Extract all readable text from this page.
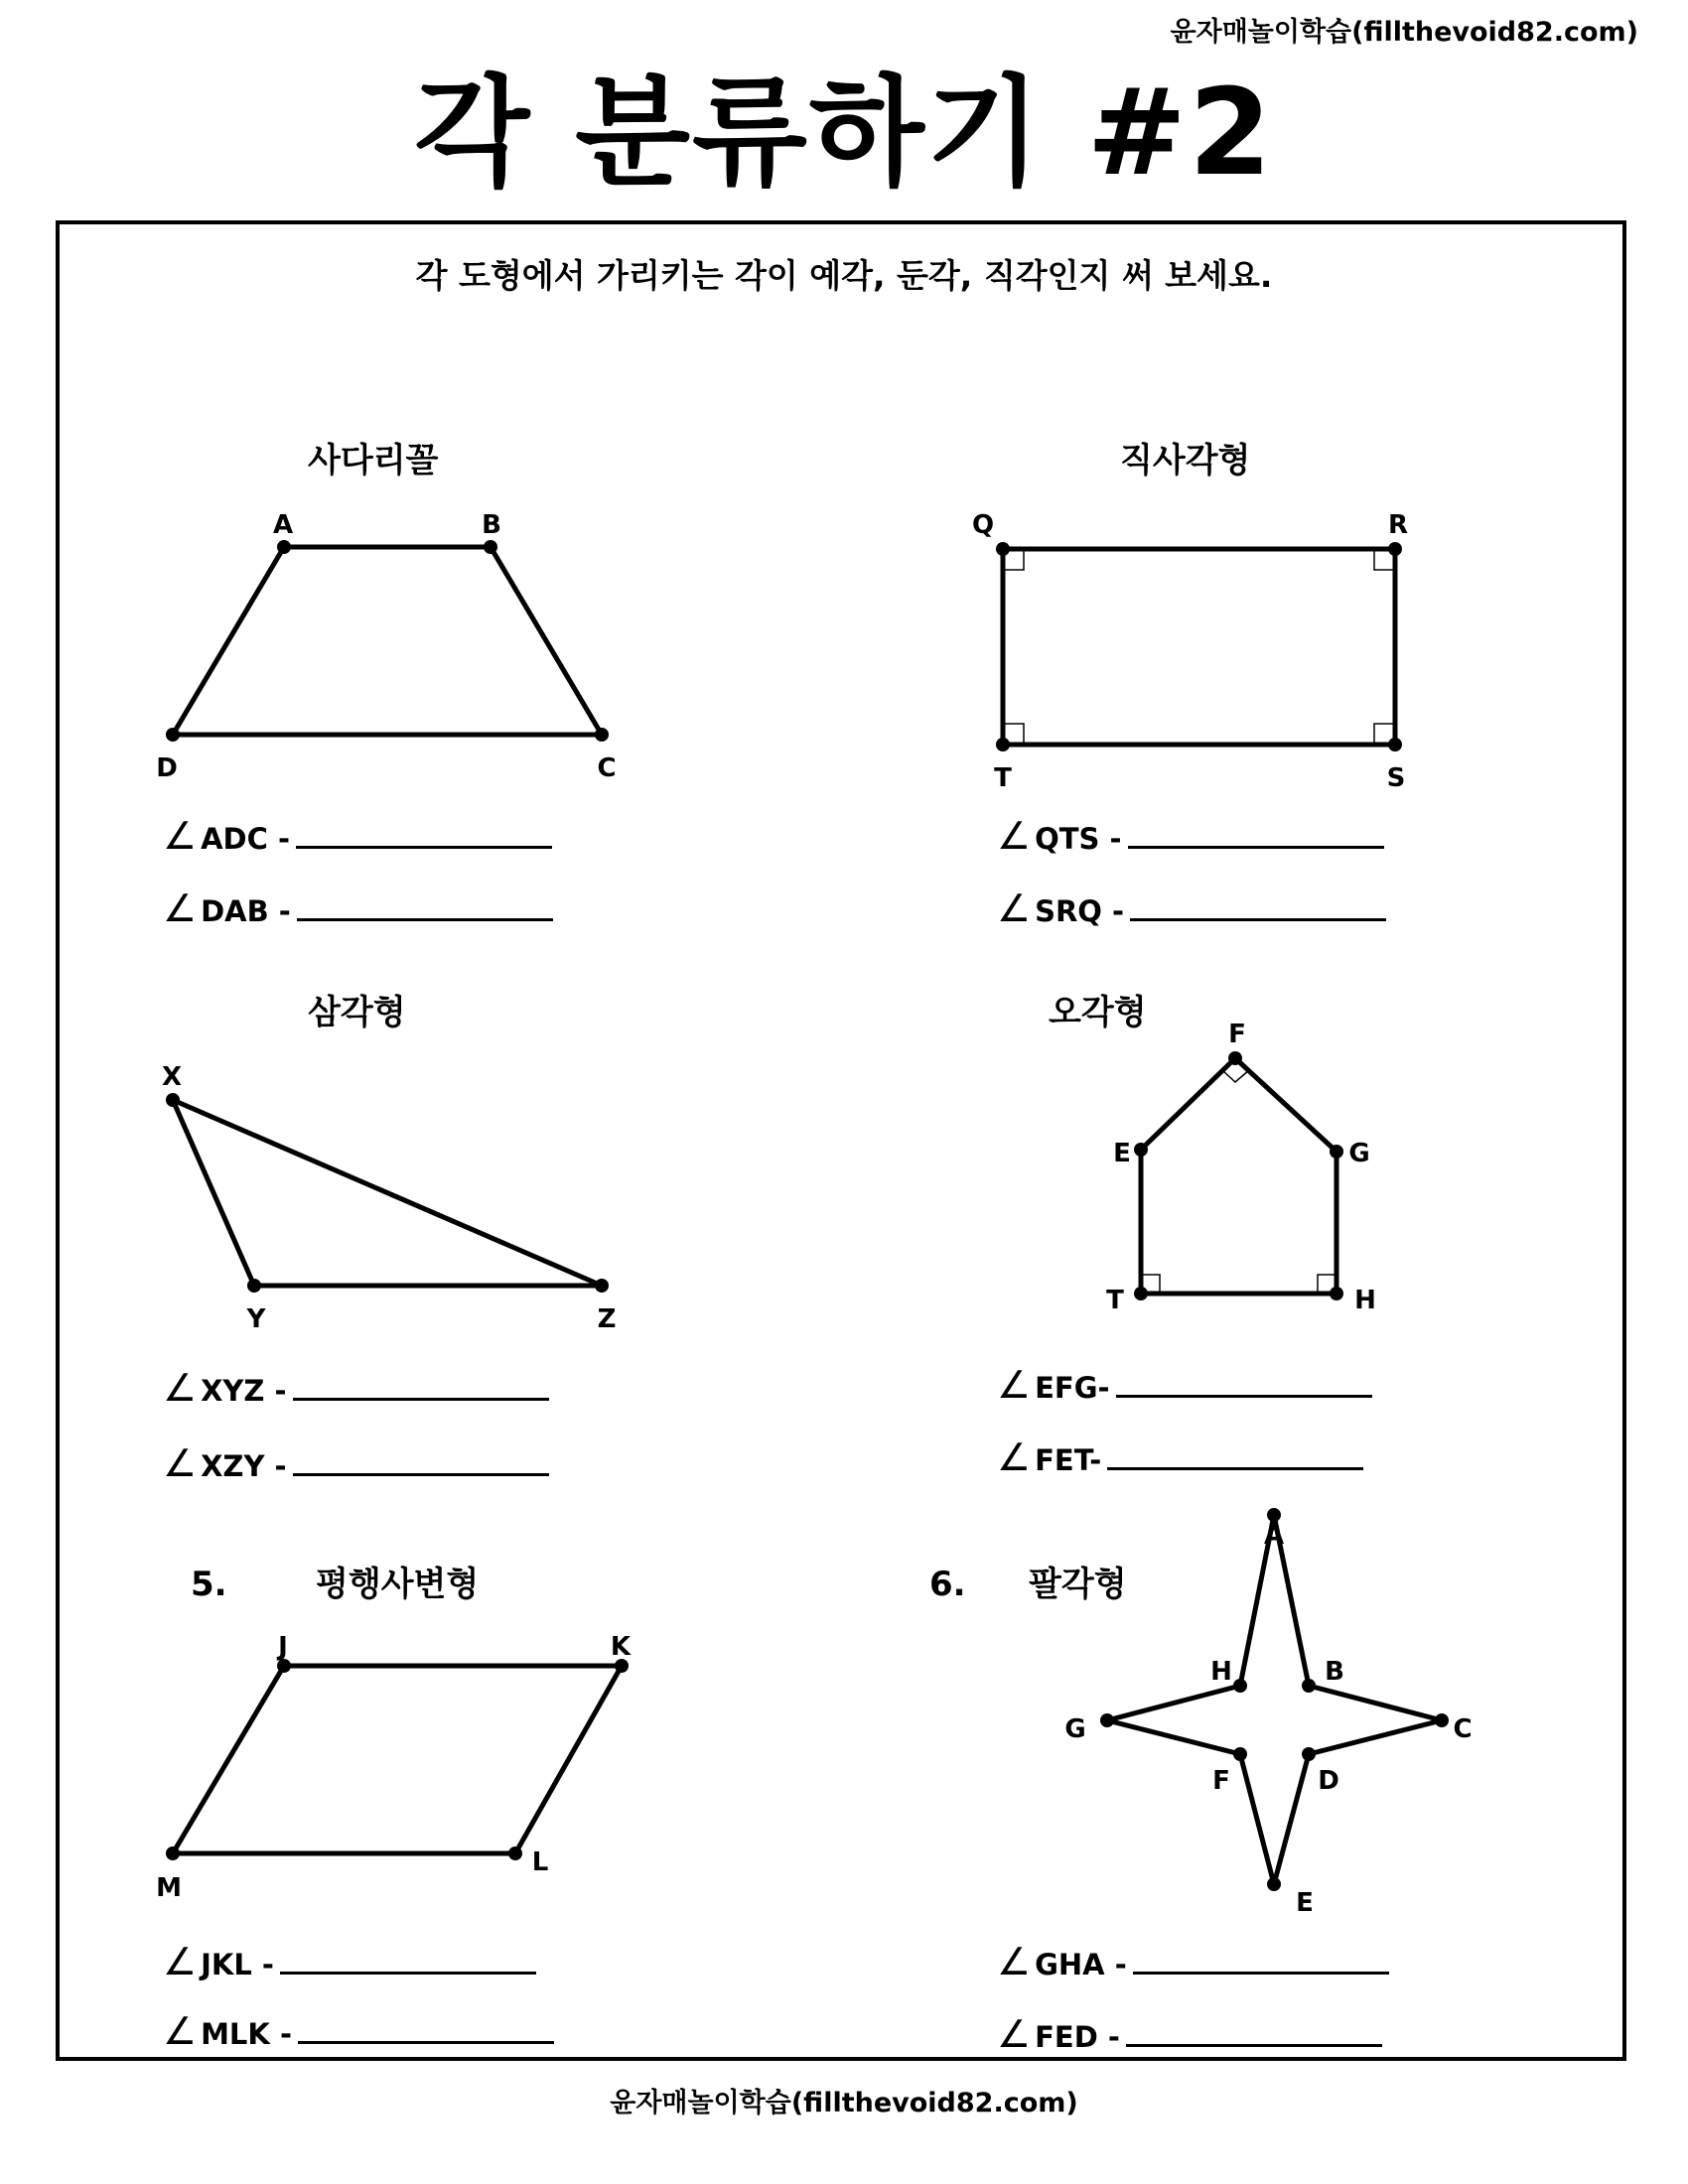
윤자매놀이학습(fillthevoid82.com)
각 분류하기 #2
각 도형에서 가리키는 각이 예각, 둔각, 직각인지 써 보세요.
사다리꼴	직사각형
삼각형	오각형
5.	평행사변형	6. 팔각형
A	B
C
D
Q	R
S
T
X
Y	Z
F
E	G
T	H
J	K
L
M
A
B
C
D
E
F
G
H
∠ ADC -
∠ DAB -
∠ QTS -
∠ SRQ -
∠ XYZ -
∠ XZY -
∠ EFG-
∠ FET-
∠ JKL -
∠ MLK -
∠ GHA -
∠ FED -
윤자매놀이학습(fillthevoid82.com)
